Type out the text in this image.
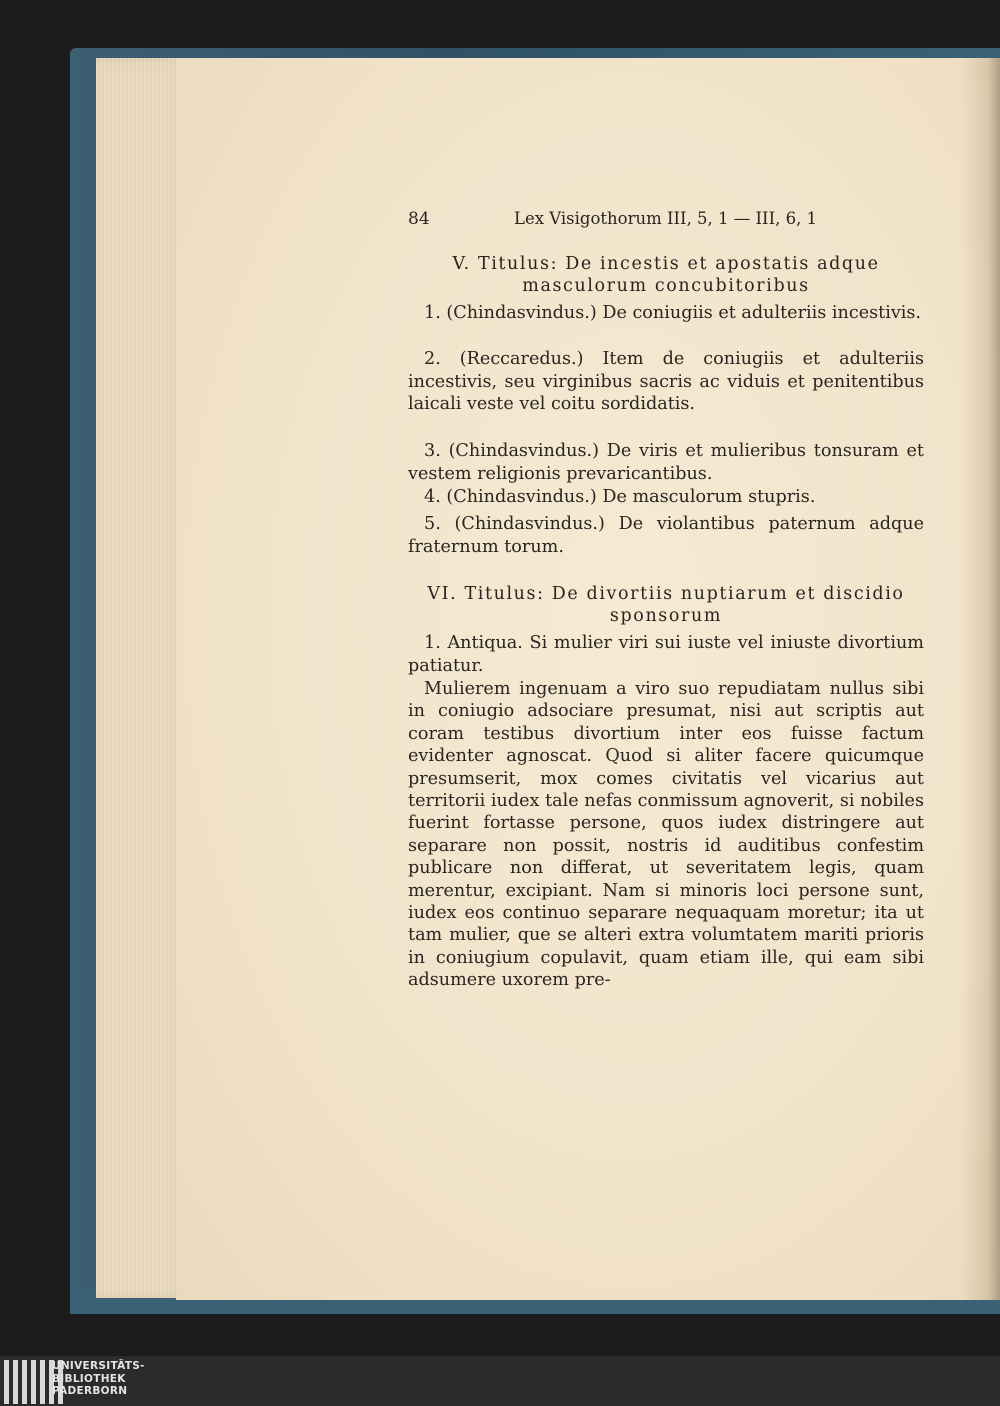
84	Lex Visigothorum III, 5, 1 — III, 6, 1
V. Titulus: De incestis et apostatis adque
masculorum concubitoribus
1. (Chindasvindus.) De coniugiis et adulteriis incestivis.
2. (Reccaredus.) Item de coniugiis et adulteriis incestivis, seu virginibus sacris ac viduis et penitentibus laicali veste vel coitu sordidatis.
3. (Chindasvindus.) De viris et mulieribus tonsuram et vestem religionis prevaricantibus.
4. (Chindasvindus.) De masculorum stupris.
5. (Chindasvindus.) De violantibus paternum adque fraternum torum.
VI. Titulus: De divortiis nuptiarum et discidio
sponsorum
1. Antiqua. Si mulier viri sui iuste vel iniuste divortium patiatur.
Mulierem ingenuam a viro suo repudiatam nullus sibi in coniugio adsociare presumat, nisi aut scriptis aut coram testibus divortium inter eos fuisse factum evidenter agnoscat. Quod si aliter facere quicumque presumserit, mox comes civitatis vel vicarius aut territorii iudex tale nefas conmissum agnoverit, si nobiles fuerint fortasse persone, quos iudex distringere aut separare non possit, nostris id auditibus confestim publicare non differat, ut severitatem legis, quam merentur, excipiant. Nam si minoris loci persone sunt, iudex eos continuo separare nequaquam moretur; ita ut tam mulier, que se alteri extra volumtatem mariti prioris in coniugium copulavit, quam etiam ille, qui eam sibi adsumere uxorem pre-
UNIVERSITÄTS-
BIBLIOTHEK
PADERBORN
